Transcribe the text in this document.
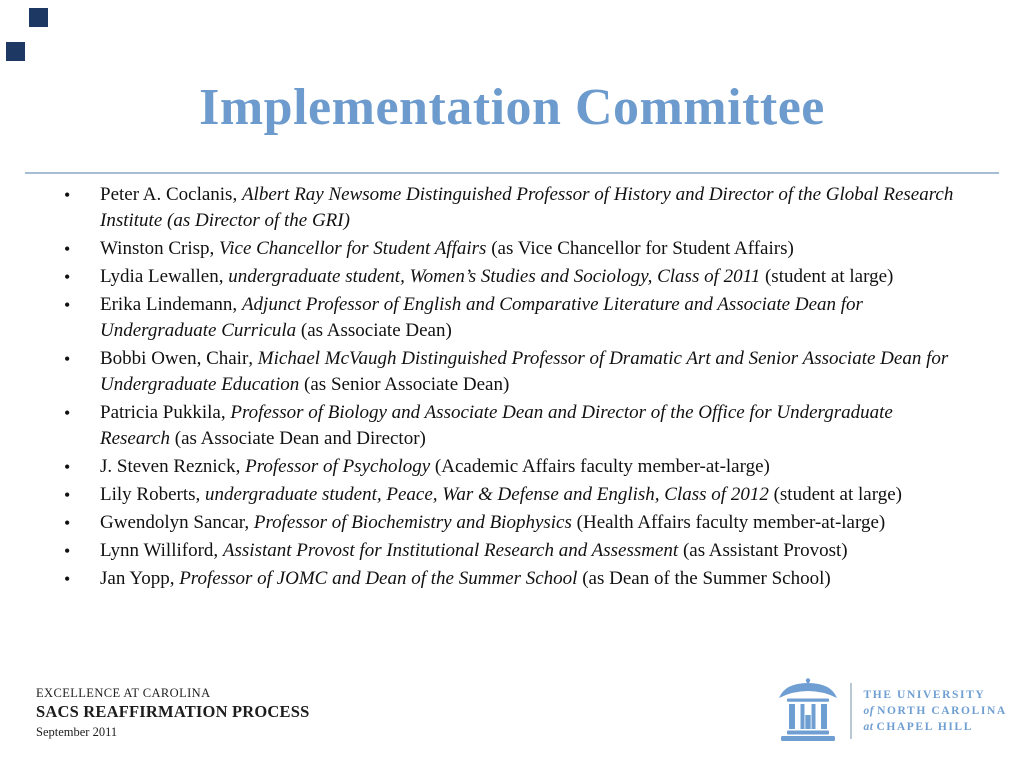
Implementation Committee
• Peter A. Coclanis, Albert Ray Newsome Distinguished Professor of History and Director of the Global Research Institute (as Director of the GRI)
• Winston Crisp, Vice Chancellor for Student Affairs (as Vice Chancellor for Student Affairs)
• Lydia Lewallen, undergraduate student, Women’s Studies and Sociology, Class of 2011 (student at large)
• Erika Lindemann, Adjunct Professor of English and Comparative Literature and Associate Dean for Undergraduate Curricula (as Associate Dean)
• Bobbi Owen, Chair, Michael McVaugh Distinguished Professor of Dramatic Art and Senior Associate Dean for Undergraduate Education (as Senior Associate Dean)
• Patricia Pukkila, Professor of Biology and Associate Dean and Director of the Office for Undergraduate Research (as Associate Dean and Director)
• J. Steven Reznick, Professor of Psychology (Academic Affairs faculty member-at-large)
• Lily Roberts, undergraduate student, Peace, War & Defense and English, Class of 2012 (student at large)
• Gwendolyn Sancar, Professor of Biochemistry and Biophysics (Health Affairs faculty member-at-large)
• Lynn Williford, Assistant Provost for Institutional Research and Assessment (as Assistant Provost)
• Jan Yopp, Professor of JOMC and Dean of the Summer School (as Dean of the Summer School)
EXCELLENCE AT CAROLINA
SACS REAFFIRMATION PROCESS
September 2011
THE UNIVERSITY
of NORTH CAROLINA
at CHAPEL HILL
